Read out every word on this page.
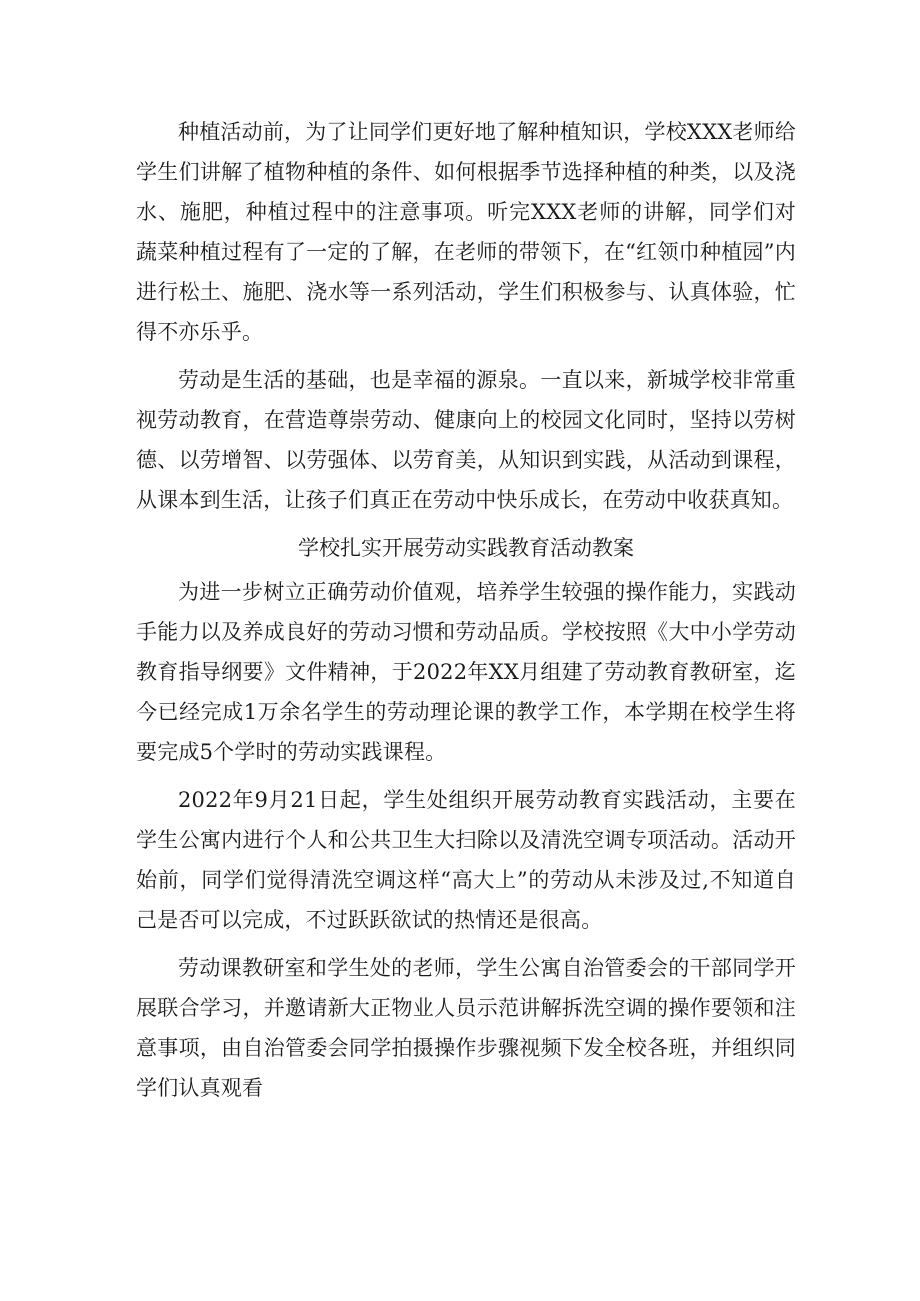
种植活动前，为了让同学们更好地了解种植知识，学校XXX老师给学生们讲解了植物种植的条件、如何根据季节选择种植的种类，以及浇水、施肥，种植过程中的注意事项。听完XXX老师的讲解，同学们对蔬菜种植过程有了一定的了解，在老师的带领下，在“红领巾种植园”内进行松土、施肥、浇水等一系列活动，学生们积极参与、认真体验，忙得不亦乐乎。

劳动是生活的基础，也是幸福的源泉。一直以来，新城学校非常重视劳动教育，在营造尊崇劳动、健康向上的校园文化同时，坚持以劳树德、以劳增智、以劳强体、以劳育美，从知识到实践，从活动到课程，从课本到生活，让孩子们真正在劳动中快乐成长，在劳动中收获真知。

学校扎实开展劳动实践教育活动教案

为进一步树立正确劳动价值观，培养学生较强的操作能力，实践动手能力以及养成良好的劳动习惯和劳动品质。学校按照《大中小学劳动教育指导纲要》文件精神，于2022年XX月组建了劳动教育教研室，迄今已经完成1万余名学生的劳动理论课的教学工作，本学期在校学生将要完成5个学时的劳动实践课程。

2022年9月21日起，学生处组织开展劳动教育实践活动，主要在学生公寓内进行个人和公共卫生大扫除以及清洗空调专项活动。活动开始前，同学们觉得清洗空调这样“高大上”的劳动从未涉及过,不知道自己是否可以完成，不过跃跃欲试的热情还是很高。

劳动课教研室和学生处的老师，学生公寓自治管委会的干部同学开展联合学习，并邀请新大正物业人员示范讲解拆洗空调的操作要领和注意事项，由自治管委会同学拍摄操作步骤视频下发全校各班，并组织同学们认真观看
